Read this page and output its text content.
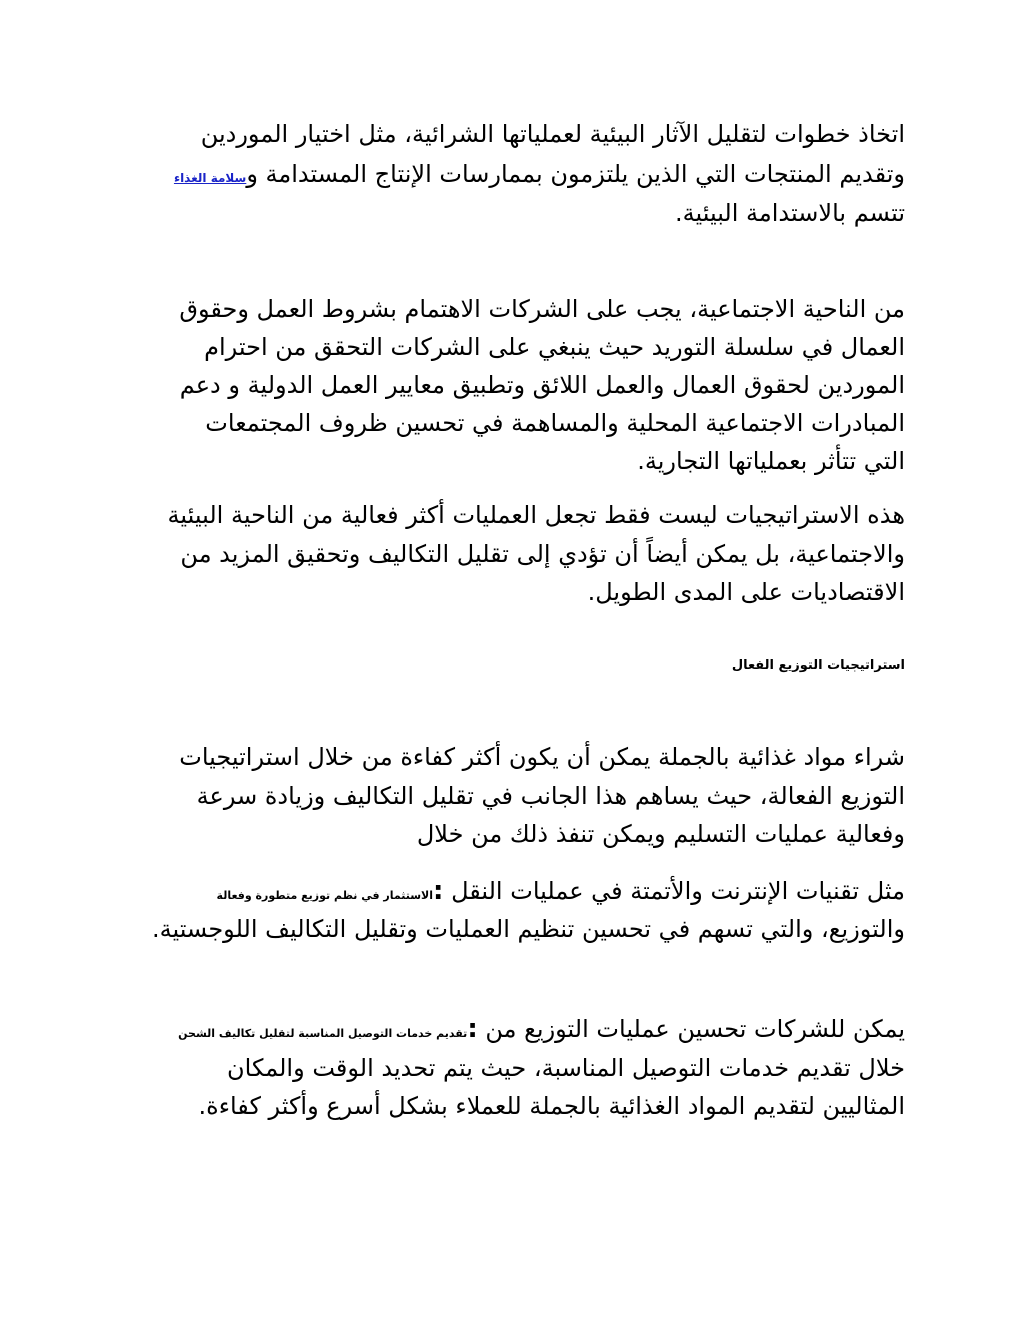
اتخاذ خطوات لتقليل الآثار البيئية لعملياتها الشرائية، مثل اختيار الموردين
وتقديم المنتجات التي الذين يلتزمون بممارسات الإنتاج المستدامة وسلامة الغذاء
تتسم بالاستدامة البيئية.
من الناحية الاجتماعية، يجب على الشركات الاهتمام بشروط العمل وحقوق
العمال في سلسلة التوريد حيث ينبغي على الشركات التحقق من احترام
الموردين لحقوق العمال والعمل اللائق وتطبيق معايير العمل الدولية و دعم
المبادرات الاجتماعية المحلية والمساهمة في تحسين ظروف المجتمعات
التي تتأثر بعملياتها التجارية.
هذه الاستراتيجيات ليست فقط تجعل العمليات أكثر فعالية من الناحية البيئية
والاجتماعية، بل يمكن أيضاً أن تؤدي إلى تقليل التكاليف وتحقيق المزيد من
الاقتصاديات على المدى الطويل.
استراتيجيات التوزيع الفعال
شراء مواد غذائية بالجملة يمكن أن يكون أكثر كفاءة من خلال استراتيجيات
التوزيع الفعالة، حيث يساهم هذا الجانب في تقليل التكاليف وزيادة سرعة
وفعالية عمليات التسليم ويمكن تنفذ ذلك من خلال
مثل تقنيات الإنترنت والأتمتة في عمليات النقل :الاستثمار في نظم توزيع متطورة وفعالة
والتوزيع، والتي تسهم في تحسين تنظيم العمليات وتقليل التكاليف اللوجستية.
يمكن للشركات تحسين عمليات التوزيع من :تقديم خدمات التوصيل المناسبة لتقليل تكاليف الشحن
خلال تقديم خدمات التوصيل المناسبة، حيث يتم تحديد الوقت والمكان
المثاليين لتقديم المواد الغذائية بالجملة للعملاء بشكل أسرع وأكثر كفاءة.
